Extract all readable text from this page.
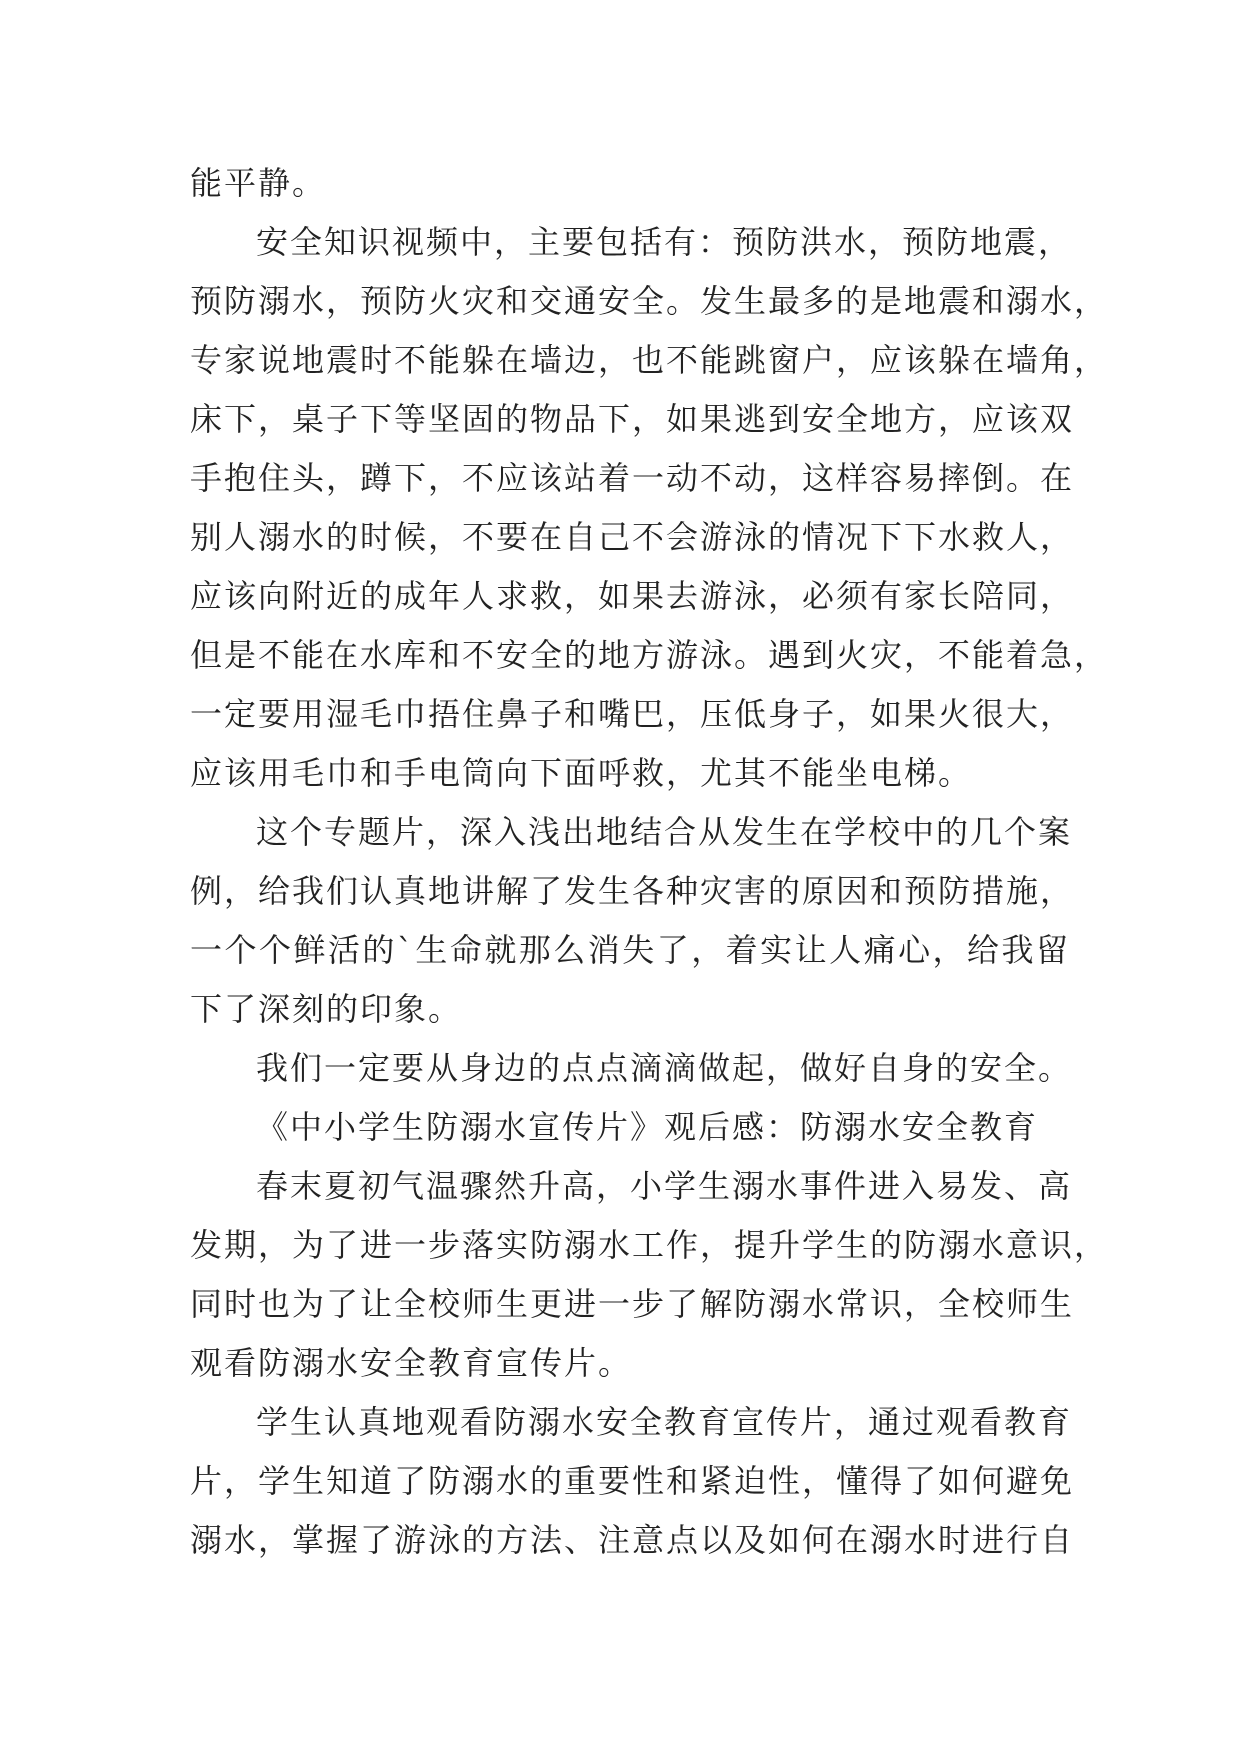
能平静。
安全知识视频中，主要包括有：预防洪水，预防地震，
预防溺水，预防火灾和交通安全。发生最多的是地震和溺水，
专家说地震时不能躲在墙边，也不能跳窗户，应该躲在墙角，
床下，桌子下等坚固的物品下，如果逃到安全地方，应该双
手抱住头，蹲下，不应该站着一动不动，这样容易摔倒。在
别人溺水的时候，不要在自己不会游泳的情况下下水救人，
应该向附近的成年人求救，如果去游泳，必须有家长陪同，
但是不能在水库和不安全的地方游泳。遇到火灾，不能着急，
一定要用湿毛巾捂住鼻子和嘴巴，压低身子，如果火很大，
应该用毛巾和手电筒向下面呼救，尤其不能坐电梯。
这个专题片，深入浅出地结合从发生在学校中的几个案
例，给我们认真地讲解了发生各种灾害的原因和预防措施，
一个个鲜活的`生命就那么消失了，着实让人痛心，给我留
下了深刻的印象。
我们一定要从身边的点点滴滴做起，做好自身的安全。
《中小学生防溺水宣传片》观后感：防溺水安全教育
春末夏初气温骤然升高，小学生溺水事件进入易发、高
发期，为了进一步落实防溺水工作，提升学生的防溺水意识，
同时也为了让全校师生更进一步了解防溺水常识，全校师生
观看防溺水安全教育宣传片。
学生认真地观看防溺水安全教育宣传片，通过观看教育
片，学生知道了防溺水的重要性和紧迫性，懂得了如何避免
溺水，掌握了游泳的方法、注意点以及如何在溺水时进行自
